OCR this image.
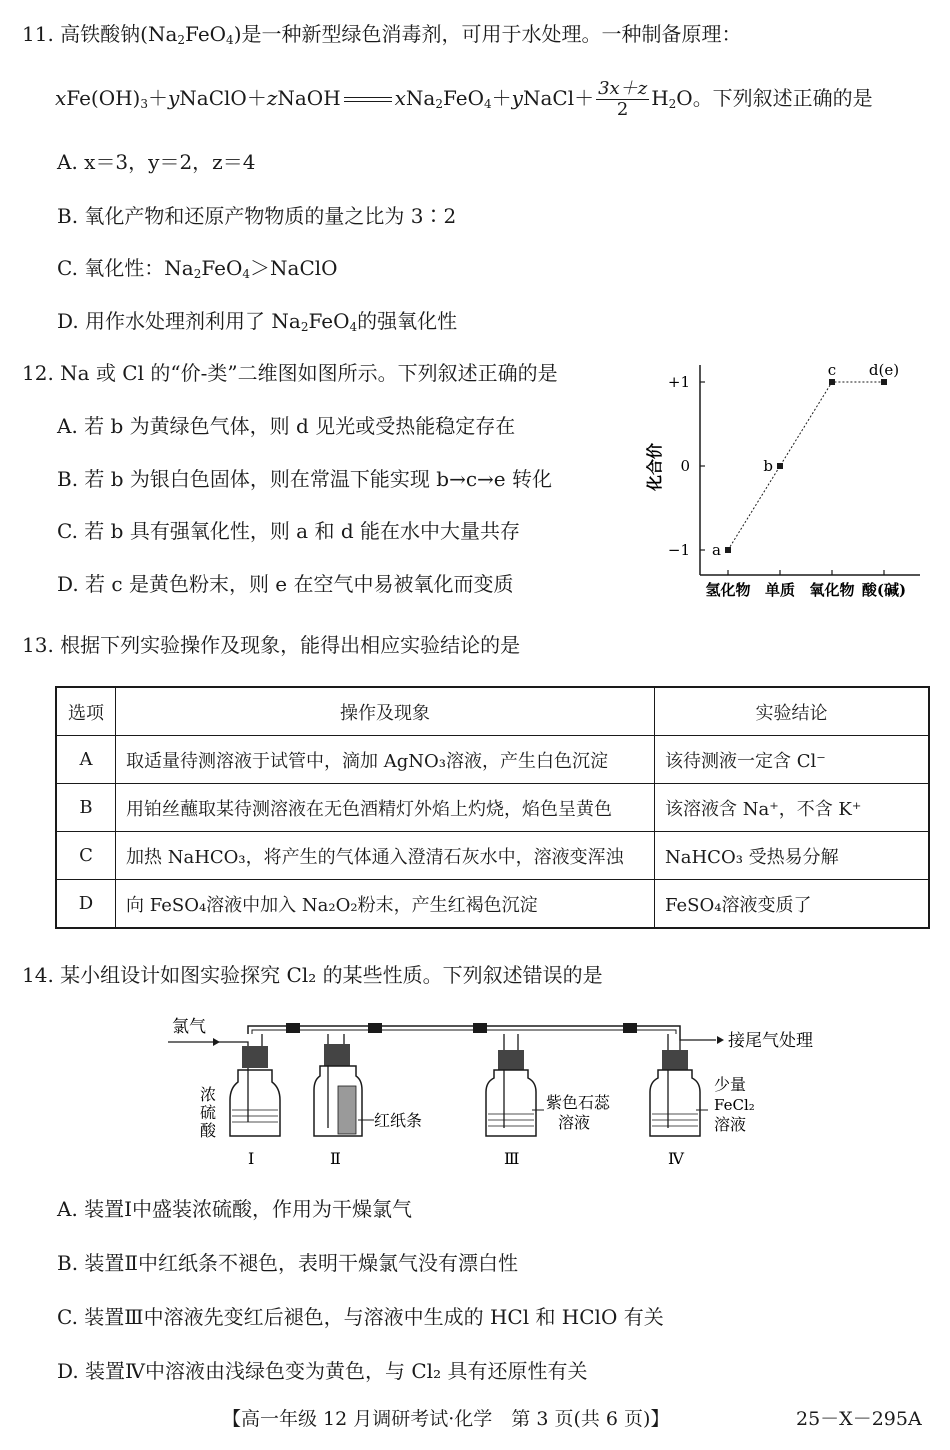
11. 高铁酸钠$(Na_2FeO_4)$是一种新型绿色消毒剂，可用于水处理。一种制备原理：
$xFe(OH)_3+yNaClO+zNaOH$	xNa$_2$FeO$_4$＋yNaCl＋ $\frac{3x+z}{2} H_2O$。下列叙述正确的是
A. x＝3，y＝2，z＝4
B. 氧化产物和还原产物物质的量之比为 3∶2
C. 氧化性：$Na_2FeO_4>NaClO$
D. 用作水处理剂利用了 $Na_2FeO_4$的强氧化性
12. Na 或 Cl 的“价-类”二维图如图所示。下列叙述正确的是
A. 若 b 为黄绿色气体，则 d 见光或受热能稳定存在
B. 若 b 为银白色固体，则在常温下能实现 b→c→e 转化
C. 若 b 具有强氧化性，则 a 和 d 能在水中大量共存
D. 若 c 是黄色粉末，则 e 在空气中易被氧化而变质
化合价
+1
0
−1
氢化物 单质 氧化物 酸(碱)
a
b
c d(e)
13. 根据下列实验操作及现象，能得出相应实验结论的是
选项	操作及现象	实验结论
A	取适量待测溶液于试管中，滴加 AgNO₃溶液，产生白色沉淀	该待测液一定含 Cl⁻
B	用铂丝蘸取某待测溶液在无色酒精灯外焰上灼烧，焰色呈黄色	该溶液含 Na⁺，不含 K⁺
C	加热 NaHCO₃，将产生的气体通入澄清石灰水中，溶液变浑浊	NaHCO₃ 受热易分解
D	向 FeSO₄溶液中加入 Na₂O₂粉末，产生红褐色沉淀	FeSO₄溶液变质了
14. 某小组设计如图实验探究 Cl₂ 的某些性质。下列叙述错误的是
氯气
浓
硫
酸
Ⅰ
红纸条
Ⅱ
紫色石蕊
溶液
Ⅲ
少量
FeCl₂
溶液
Ⅳ
接尾气处理
A. 装置Ⅰ中盛装浓硫酸，作用为干燥氯气
B. 装置Ⅱ中红纸条不褪色，表明干燥氯气没有漂白性
C. 装置Ⅲ中溶液先变红后褪色，与溶液中生成的 HCl 和 HClO 有关
D. 装置Ⅳ中溶液由浅绿色变为黄色，与 Cl₂ 具有还原性有关
【高一年级 12 月调研考试·化学　第 3 页(共 6 页)】	25－X－295A
